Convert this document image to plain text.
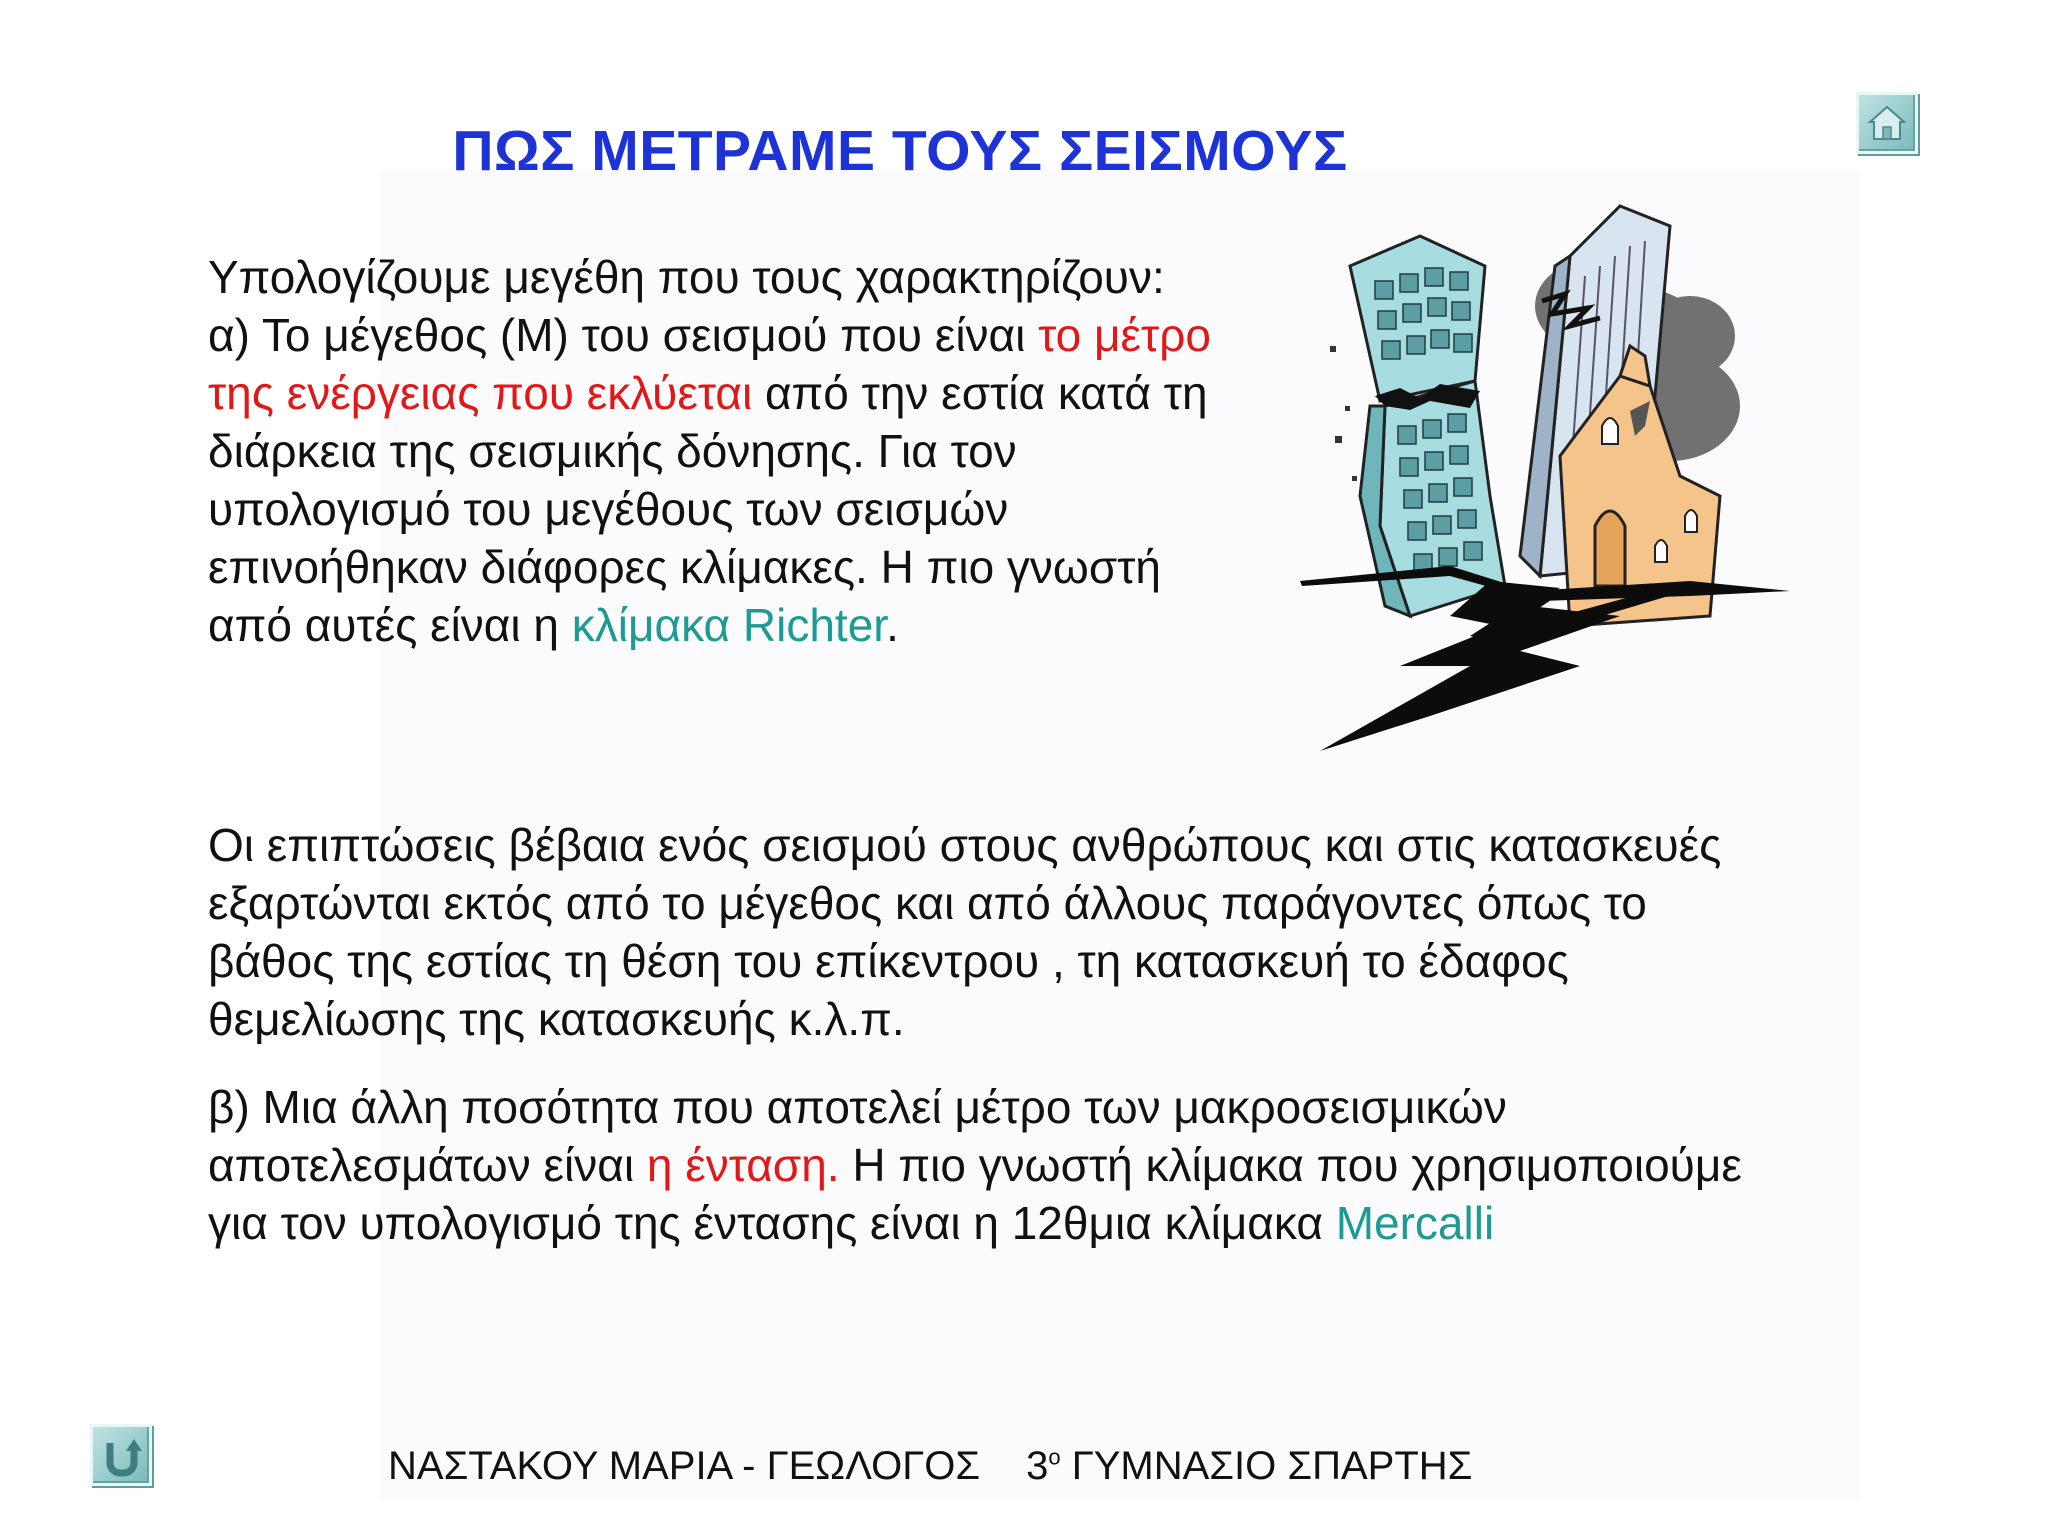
ΠΩΣ ΜΕΤΡΑΜΕ ΤΟΥΣ ΣΕΙΣΜΟΥΣ

Υπολογίζουμε μεγέθη που τους χαρακτηρίζουν:
α) Το μέγεθος (Μ) του σεισμού που είναι το μέτρο της ενέργειας που εκλύεται από την εστία κατά τη διάρκεια της σεισμικής δόνησης. Για τον υπολογισμό του μεγέθους των σεισμών επινοήθηκαν διάφορες κλίμακες. Η πιο γνωστή από αυτές είναι η κλίμακα Richter.

Οι επιπτώσεις βέβαια ενός σεισμού στους ανθρώπους και στις κατασκευές εξαρτώνται εκτός από το μέγεθος και από άλλους παράγοντες όπως το βάθος της εστίας τη θέση του επίκεντρου , τη κατασκευή το έδαφος θεμελίωσης της κατασκευής κ.λ.π.

β) Μια άλλη ποσότητα που αποτελεί μέτρο των μακροσεισμικών αποτελεσμάτων είναι η ένταση. Η πιο γνωστή κλίμακα που χρησιμοποιούμε για τον υπολογισμό της έντασης είναι η 12θμια κλίμακα Mercalli

ΝΑΣΤΑΚΟΥ ΜΑΡΙΑ - ΓΕΩΛΟΓΟΣ $3^o$ ΓΥΜΝΑΣΙΟ ΣΠΑΡΤΗΣ
